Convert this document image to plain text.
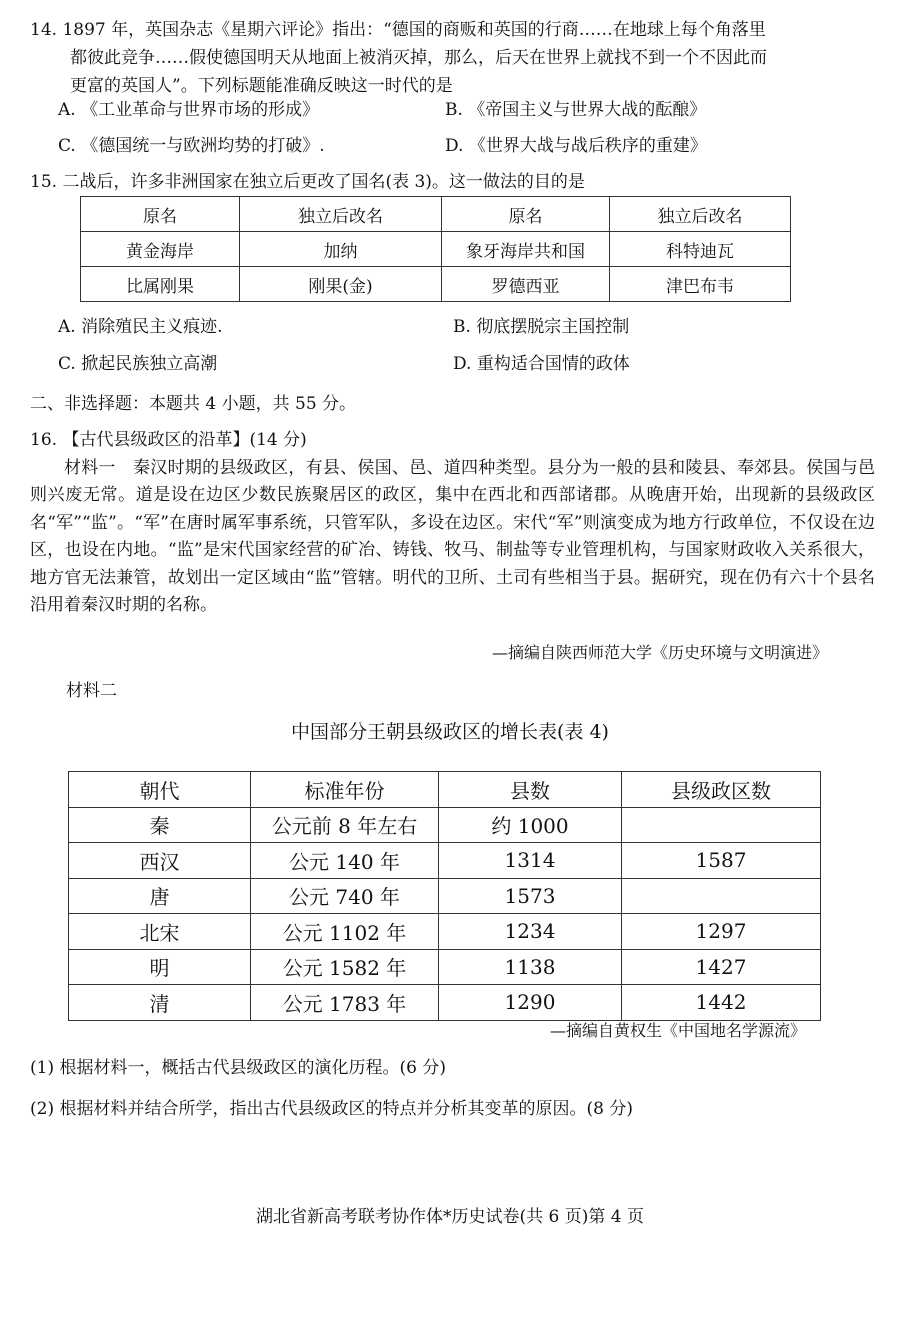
14. 1897 年，英国杂志《星期六评论》指出：“德国的商贩和英国的行商……在地球上每个角落里
都彼此竞争……假使德国明天从地面上被消灭掉，那么，后天在世界上就找不到一个不因此而
更富的英国人”。下列标题能准确反映这一时代的是
A. 《工业革命与世界市场的形成》	B. 《帝国主义与世界大战的酝酿》
C. 《德国统一与欧洲均势的打破》.	D. 《世界大战与战后秩序的重建》
15. 二战后，许多非洲国家在独立后更改了国名(表 3)。这一做法的目的是
原名	独立后改名	原名	独立后改名
黄金海岸	加纳	象牙海岸共和国	科特迪瓦
比属刚果	刚果(金)	罗德西亚	津巴布韦
A. 消除殖民主义痕迹.	B. 彻底摆脱宗主国控制
C. 掀起民族独立高潮	D. 重构适合国情的政体
二、非选择题：本题共 4 小题，共 55 分。
16. 【古代县级政区的沿革】(14 分)
材料一　秦汉时期的县级政区，有县、侯国、邑、道四种类型。县分为一般的县和陵县、奉郊县。侯国与邑则兴废无常。道是设在边区少数民族聚居区的政区，集中在西北和西部诸郡。从晚唐开始，出现新的县级政区名“军”“监”。“军”在唐时属军事系统，只管军队，多设在边区。宋代“军”则演变成为地方行政单位，不仅设在边区，也设在内地。“监”是宋代国家经营的矿冶、铸钱、牧马、制盐等专业管理机构，与国家财政收入关系很大，地方官无法兼管，故划出一定区域由“监”管辖。明代的卫所、土司有些相当于县。据研究，现在仍有六十个县名沿用着秦汉时期的名称。
—摘编自陕西师范大学《历史环境与文明演进》
材料二
中国部分王朝县级政区的增长表(表 4)
朝代	标准年份	县数	县级政区数
秦	公元前 8 年左右	约 1000	
西汉	公元 140 年	1314	1587
唐	公元 740 年	1573	
北宋	公元 1102 年	1234	1297
明	公元 1582 年	1138	1427
清	公元 1783 年	1290	1442
—摘编自黄权生《中国地名学源流》
(1) 根据材料一，概括古代县级政区的演化历程。(6 分)
(2) 根据材料并结合所学，指出古代县级政区的特点并分析其变革的原因。(8 分)
湖北省新高考联考协作体*历史试卷(共 6 页)第 4 页
